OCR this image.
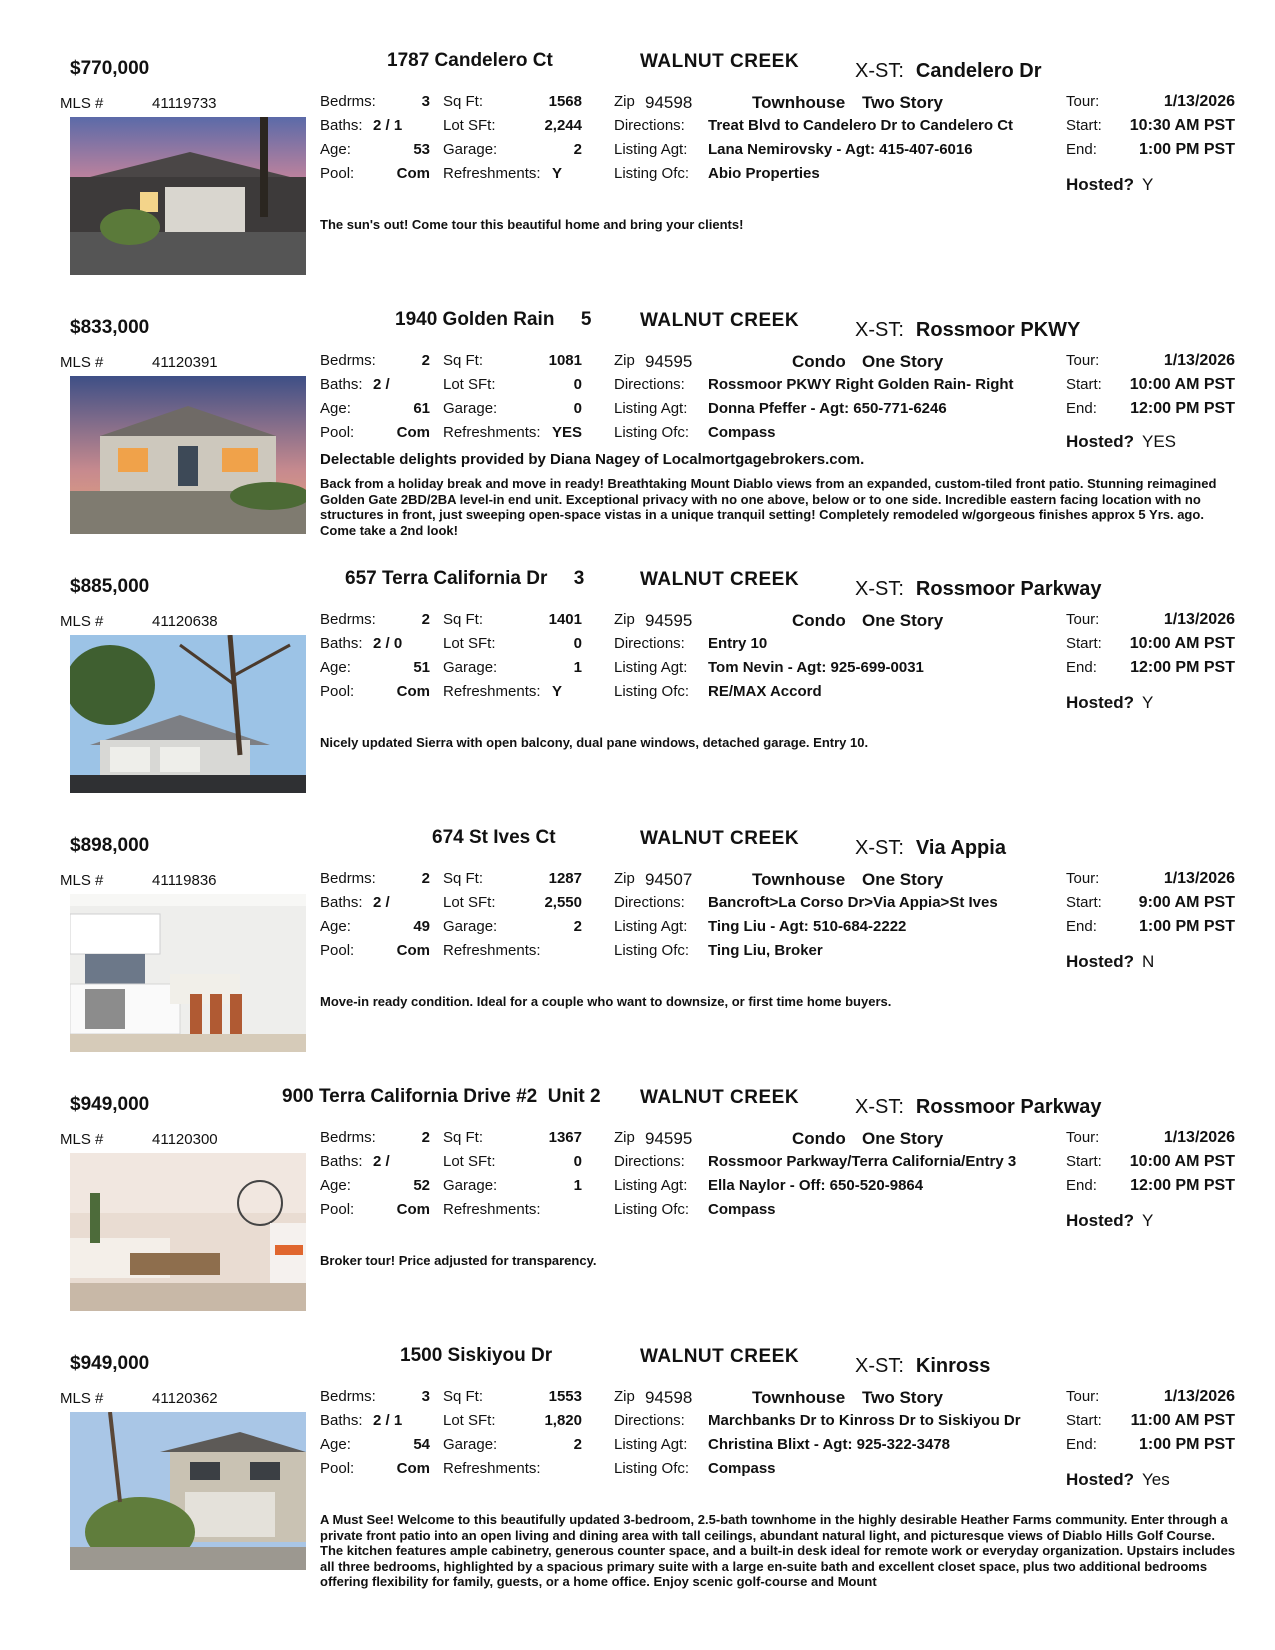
$770,000
MLS #	41119733
1787 Candelero Ct	WALNUT CREEK	X-ST: Candelero Dr
Bedrms:	3
Baths: 2 / 1
Age:	53
Pool:	Com
Sq Ft:	1568
Lot SFt:	2,244
Garage:	2
Refreshments: Y
Zip 94598	Townhouse Two Story
Directions: Treat Blvd to Candelero Dr to Candelero Ct
Listing Agt: Lana Nemirovsky - Agt: 415-407-6016
Listing Ofc: Abio Properties
Tour:	1/13/2026
Start:	10:30 AM PST
End:	1:00 PM PST
Hosted? Y
The sun's out! Come tour this beautiful home and bring your clients!
$833,000
MLS #	41120391
1940 Golden Rain     5	WALNUT CREEK	X-ST: Rossmoor PKWY
Bedrms:	2
Baths: 2 /
Age:	61
Pool:	Com
Sq Ft:	1081
Lot SFt:	0
Garage:	0
Refreshments: YES
Zip 94595	Condo One Story
Directions: Rossmoor PKWY Right Golden Rain- Right
Listing Agt: Donna Pfeffer - Agt: 650-771-6246
Listing Ofc: Compass
Tour:	1/13/2026
Start:	10:00 AM PST
End:	12:00 PM PST
Hosted? YES
Delectable delights provided by Diana Nagey of Localmortgagebrokers.com.
Back from a holiday break and move in ready! Breathtaking Mount Diablo views from an expanded, custom-tiled front patio. Stunning reimagined Golden Gate 2BD/2BA level-in end unit. Exceptional privacy with no one above, below or to one side. Incredible eastern facing location with no structures in front, just sweeping open-space vistas in a unique tranquil setting! Completely remodeled w/gorgeous finishes approx 5 Yrs. ago. Come take a 2nd look!
$885,000
MLS #	41120638
657 Terra California Dr     3	WALNUT CREEK	X-ST: Rossmoor Parkway
Bedrms:	2
Baths: 2 / 0
Age:	51
Pool:	Com
Sq Ft:	1401
Lot SFt:	0
Garage:	1
Refreshments: Y
Zip 94595	Condo One Story
Directions: Entry 10
Listing Agt: Tom Nevin - Agt: 925-699-0031
Listing Ofc: RE/MAX Accord
Tour:	1/13/2026
Start:	10:00 AM PST
End:	12:00 PM PST
Hosted? Y
Nicely updated Sierra with open balcony, dual pane windows, detached garage. Entry 10.
$898,000
MLS #	41119836
674 St Ives Ct	WALNUT CREEK	X-ST: Via Appia
Bedrms:	2
Baths: 2 /
Age:	49
Pool:	Com
Sq Ft:	1287
Lot SFt:	2,550
Garage:	2
Refreshments:
Zip 94507	Townhouse One Story
Directions: Bancroft>La Corso Dr>Via Appia>St Ives
Listing Agt: Ting Liu - Agt: 510-684-2222
Listing Ofc: Ting Liu, Broker
Tour:	1/13/2026
Start:	9:00 AM PST
End:	1:00 PM PST
Hosted? N
Move-in ready condition. Ideal for a couple who want to downsize, or first time home buyers.
$949,000
MLS #	41120300
900 Terra California Drive #2  Unit 2 WALNUT CREEK	X-ST: Rossmoor Parkway
Bedrms:	2
Baths: 2 /
Age:	52
Pool:	Com
Sq Ft:	1367
Lot SFt:	0
Garage:	1
Refreshments:
Zip 94595	Condo One Story
Directions: Rossmoor Parkway/Terra California/Entry 3
Listing Agt: Ella Naylor - Off: 650-520-9864
Listing Ofc: Compass
Tour:	1/13/2026
Start:	10:00 AM PST
End:	12:00 PM PST
Hosted? Y
Broker tour! Price adjusted for transparency.
$949,000
MLS #	41120362
1500 Siskiyou Dr	WALNUT CREEK	X-ST: Kinross
Bedrms:	3
Baths: 2 / 1
Age:	54
Pool:	Com
Sq Ft:	1553
Lot SFt:	1,820
Garage:	2
Refreshments:
Zip 94598	Townhouse Two Story
Directions: Marchbanks Dr to Kinross Dr to Siskiyou Dr
Listing Agt: Christina Blixt - Agt: 925-322-3478
Listing Ofc: Compass
Tour:	1/13/2026
Start:	11:00 AM PST
End:	1:00 PM PST
Hosted? Yes
A Must See! Welcome to this beautifully updated 3-bedroom, 2.5-bath townhome in the highly desirable Heather Farms community. Enter through a private front patio into an open living and dining area with tall ceilings, abundant natural light, and picturesque views of Diablo Hills Golf Course. The kitchen features ample cabinetry, generous counter space, and a built-in desk ideal for remote work or everyday organization. Upstairs includes all three bedrooms, highlighted by a spacious primary suite with a large en-suite bath and excellent closet space, plus two additional bedrooms offering flexibility for family, guests, or a home office. Enjoy scenic golf-course and Mount
